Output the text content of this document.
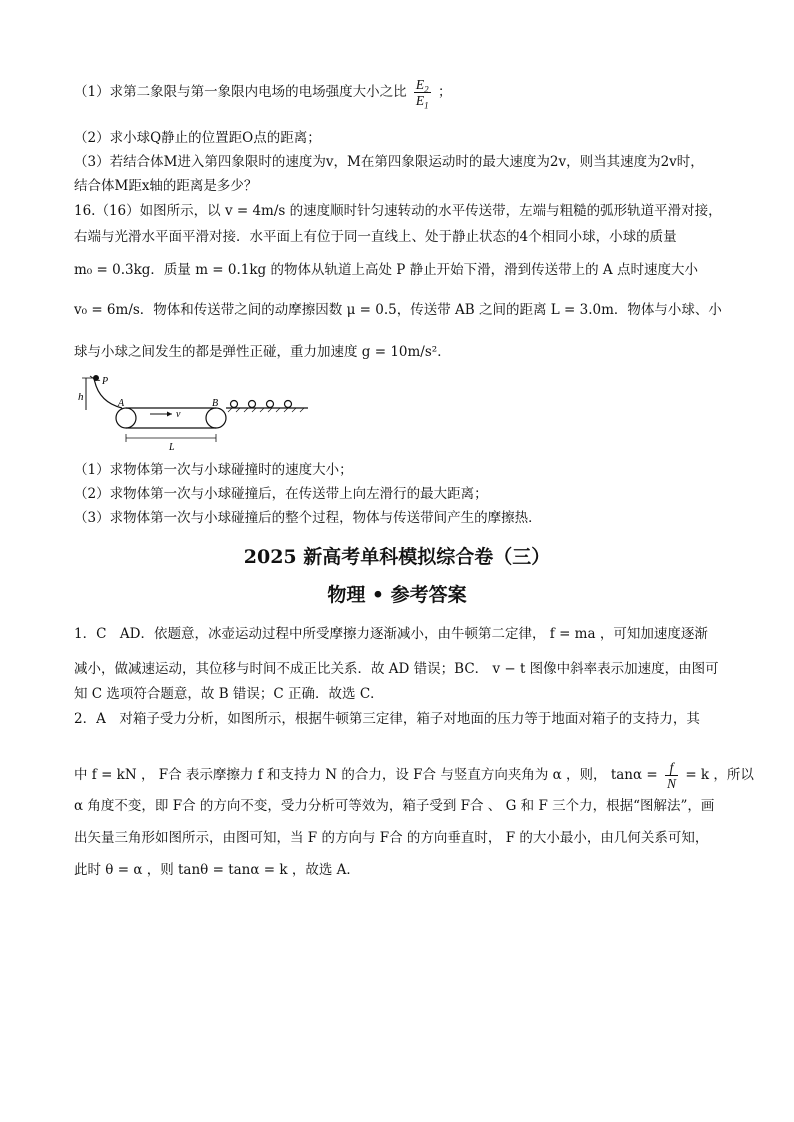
（1）求第二象限与第一象限内电场的电场强度大小之比 $\frac{E_2}{E_1}$ ；
（2）求小球Q静止的位置距O点的距离；
（3）若结合体M进入第四象限时的速度为v，M在第四象限运动时的最大速度为2v，则当其速度为2v时，
结合体M距x轴的距离是多少？
16.（16）如图所示，以 v = 4m/s 的速度顺时针匀速转动的水平传送带，左端与粗糙的弧形轨道平滑对接，
右端与光滑水平面平滑对接．水平面上有位于同一直线上、处于静止状态的4个相同小球，小球的质量
m₀ = 0.3kg．质量 m = 0.1kg 的物体从轨道上高处 P 静止开始下滑，滑到传送带上的 A 点时速度大小
v₀ = 6m/s．物体和传送带之间的动摩擦因数 μ = 0.5，传送带 AB 之间的距离 L = 3.0m．物体与小球、小
球与小球之间发生的都是弹性正碰，重力加速度 g = 10m/s²．
h
P
A	B
v
L
（1）求物体第一次与小球碰撞时的速度大小；
（2）求物体第一次与小球碰撞后，在传送带上向左滑行的最大距离；
（3）求物体第一次与小球碰撞后的整个过程，物体与传送带间产生的摩擦热．
2025 新高考单科模拟综合卷（三）
物理 • 参考答案
1．C　AD．依题意，冰壶运动过程中所受摩擦力逐渐减小，由牛顿第二定律， f = ma ，可知加速度逐渐
减小，做减速运动，其位移与时间不成正比关系．故 AD 错误；BC． v − t 图像中斜率表示加速度，由图可
知 C 选项符合题意，故 B 错误；C 正确．故选 C．
2．A　对箱子受力分析，如图所示，根据牛顿第三定律，箱子对地面的压力等于地面对箱子的支持力，其
中 f = kN ， F合 表示摩擦力 f 和支持力 N 的合力，设 F合 与竖直方向夹角为 α ，则， $\tan\alpha = \frac{f}{N} = k$ ，所以
α 角度不变，即 F合 的方向不变，受力分析可等效为，箱子受到 F合 、 G 和 F 三个力，根据“图解法”，画
出矢量三角形如图所示，由图可知，当 F 的方向与 F合 的方向垂直时， F 的大小最小，由几何关系可知，
此时 θ = α ，则 tanθ = tanα = k ，故选 A．
